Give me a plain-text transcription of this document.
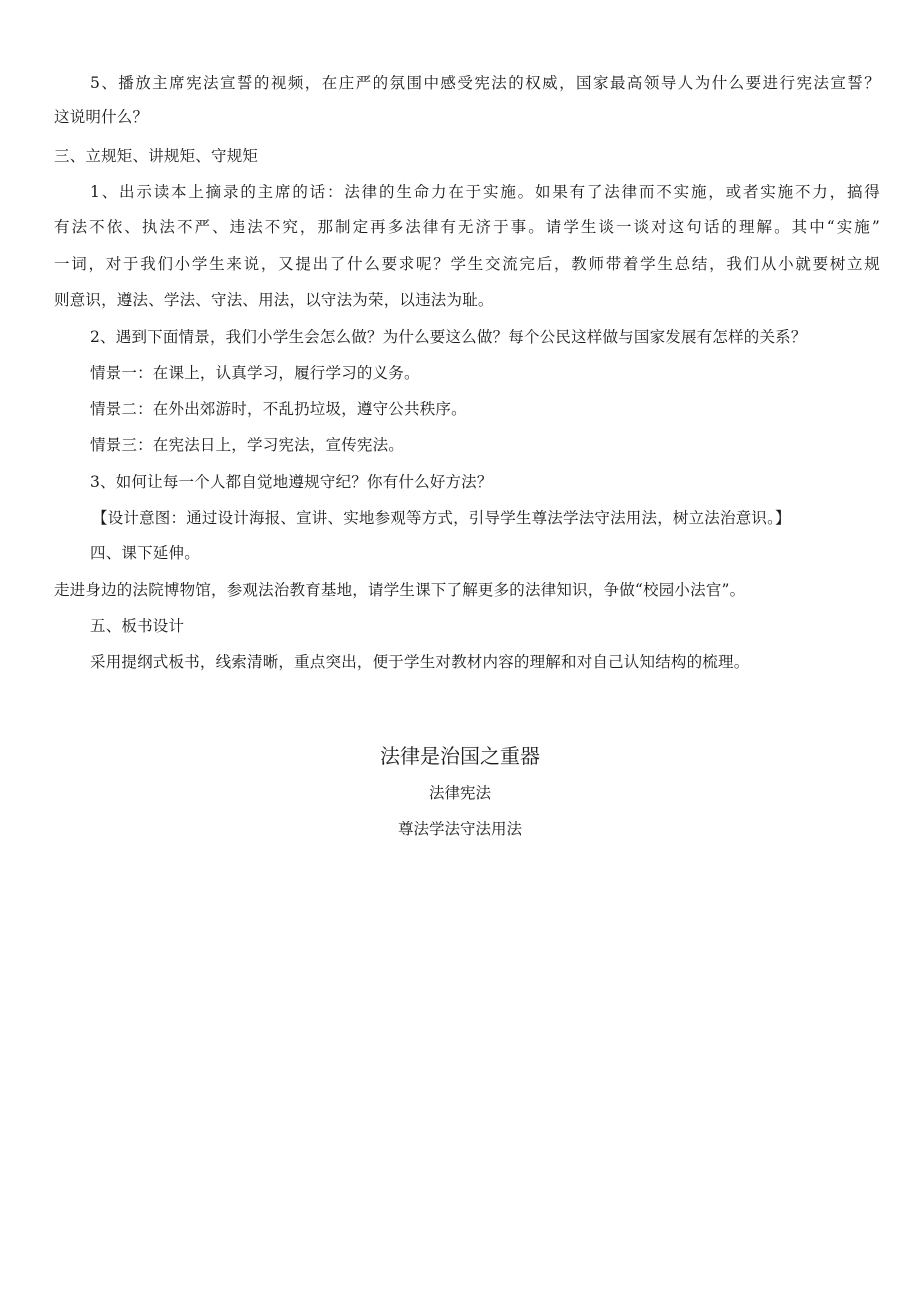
5、播放主席宪法宣誓的视频，在庄严的氛围中感受宪法的权威，国家最高领导人为什么要进行宪法宣誓？
这说明什么？
三、立规矩、讲规矩、守规矩
1、出示读本上摘录的主席的话：法律的生命力在于实施。如果有了法律而不实施，或者实施不力，搞得
有法不依、执法不严、违法不究，那制定再多法律有无济于事。请学生谈一谈对这句话的理解。其中“实施”
一词，对于我们小学生来说，又提出了什么要求呢？学生交流完后，教师带着学生总结，我们从小就要树立规
则意识，遵法、学法、守法、用法，以守法为荣，以违法为耻。
2、遇到下面情景，我们小学生会怎么做？为什么要这么做？每个公民这样做与国家发展有怎样的关系？
情景一：在课上，认真学习，履行学习的义务。
情景二：在外出郊游时，不乱扔垃圾，遵守公共秩序。
情景三：在宪法日上，学习宪法，宣传宪法。
3、如何让每一个人都自觉地遵规守纪？你有什么好方法？
【设计意图：通过设计海报、宣讲、实地参观等方式，引导学生尊法学法守法用法，树立法治意识。】
四、课下延伸。
走进身边的法院博物馆，参观法治教育基地，请学生课下了解更多的法律知识，争做“校园小法官”。
五、板书设计
采用提纲式板书，线索清晰，重点突出，便于学生对教材内容的理解和对自己认知结构的梳理。
法律是治国之重器
法律宪法
尊法学法守法用法
